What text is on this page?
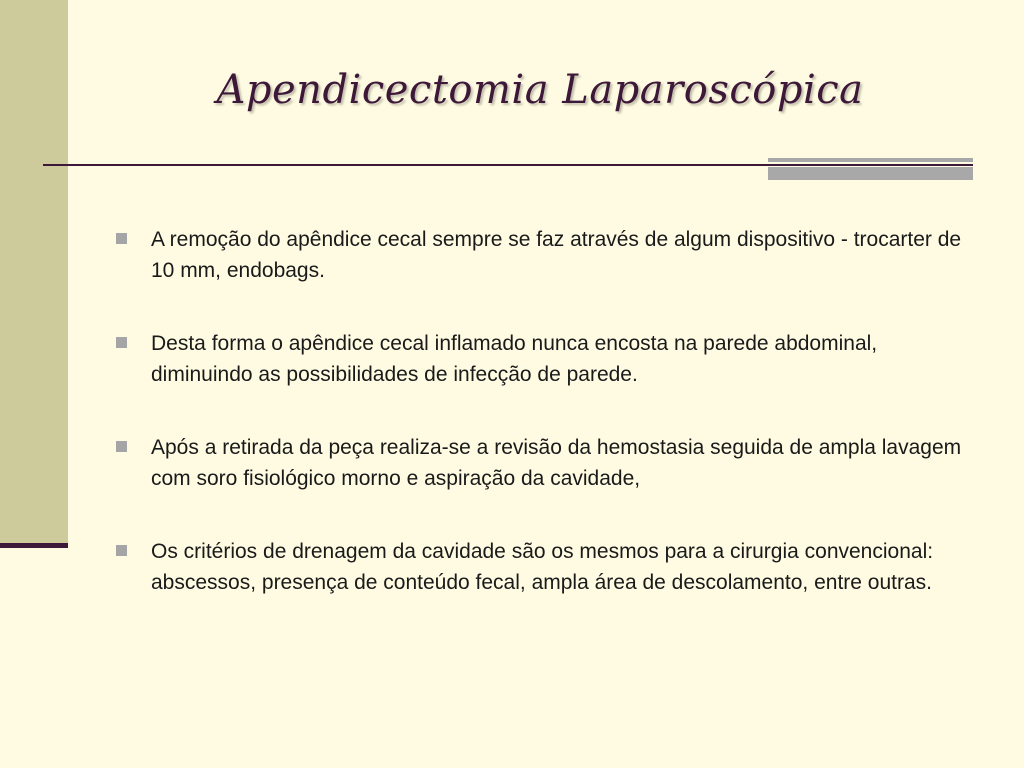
Apendicectomia Laparoscópica
A remoção do apêndice cecal sempre se faz através de algum dispositivo - trocarter de 10 mm, endobags.
Desta forma o apêndice cecal inflamado nunca encosta na parede abdominal, diminuindo as possibilidades de infecção de parede.
Após a retirada da peça realiza-se a revisão da hemostasia seguida de ampla lavagem com soro fisiológico morno e aspiração da cavidade,
Os critérios de drenagem da cavidade são os mesmos para a cirurgia convencional: abscessos, presença de conteúdo fecal, ampla área de descolamento, entre outras.
